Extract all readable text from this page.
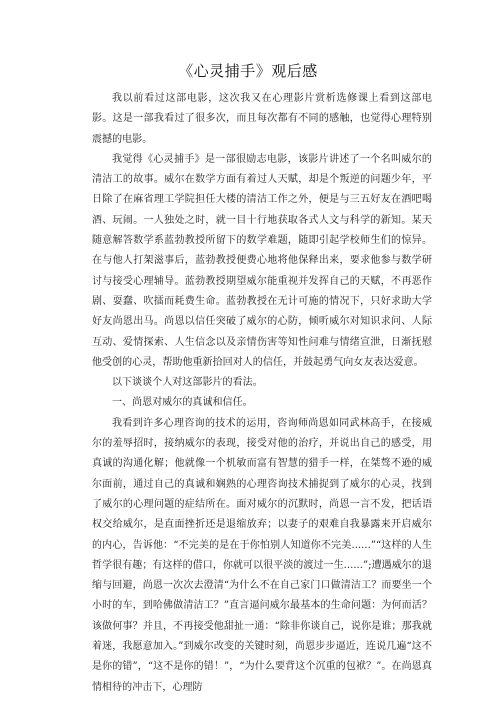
《心灵捕手》观后感

我以前看过这部电影，这次我又在心理影片赏析选修课上看到这部电影。这是一部我看过了很多次，而且每次都有不同的感触，也觉得心理特别震撼的电影。

我觉得《心灵捕手》是一部很励志电影，该影片讲述了一个名叫威尔的清洁工的故事。威尔在数学方面有着过人天赋，却是个叛逆的问题少年，平日除了在麻省理工学院担任大楼的清洁工作之外，便是与三五好友在酒吧喝酒、玩闹。一人独处之时，就一目十行地获取各式人文与科学的新知。某天随意解答数学系蓝勃教授所留下的数学难题，随即引起学校师生们的惊异。在与他人打架滋事后，蓝勃教授便费心地将他保释出来，要求他参与数学研讨与接受心理辅导。蓝勃教授期望威尔能重视并发挥自己的天赋，不再恶作剧、耍蠢、吹擂而耗费生命。蓝勃教授在无计可施的情况下，只好求助大学好友尚恩出马。尚恩以信任突破了威尔的心防，倾听威尔对知识求问、人际互动、爱情探索、人生信念以及亲情伤害等知性问难与情绪宣泄，日渐抚慰他受创的心灵，帮助他重新拾回对人的信任，并鼓起勇气向女友表达爱意。

以下谈谈个人对这部影片的看法。

一、尚恩对威尔的真诚和信任。

我看到许多心理咨询的技术的运用，咨询师尚恩如同武林高手，在接威尔的羞辱招时，接纳威尔的表现，接受对他的治疗，并说出自己的感受，用真诚的沟通化解；他就像一个机敏而富有智慧的猎手一样，在桀骜不逊的威尔面前，通过自己的真诚和娴熟的心理咨询技术捕捉到了威尔的心灵，找到了威尔的心理问题的症结所在。面对威尔的沉默时，尚恩一言不发，把话语权交给威尔，是直面挫折还是退缩放弃；以妻子的艰难自我暴露来开启威尔的内心，告诉他：“不完美的是在于你怕别人知道你不完美......”“这样的人生哲学很有趣；有这样的借口，你就可以很平淡的渡过一生......”;遭遇威尔的退缩与回避，尚恩一次次去澄清“为什么不在自己家门口做清洁工？而要坐一个小时的车，到哈佛做清洁工？”直言逼问威尔最基本的生命问题：为何而活？该做何事？并且，不再接受他甜扯一通：“除非你谈自己，说你是谁；那我就着迷，我愿意加入。”到威尔改变的关键时刻，尚恩步步逼近，连说几遍“这不是你的错”，“这不是你的错！”，“为什么要背这个沉重的包袱？”。在尚恩真情相待的冲击下，心理防
